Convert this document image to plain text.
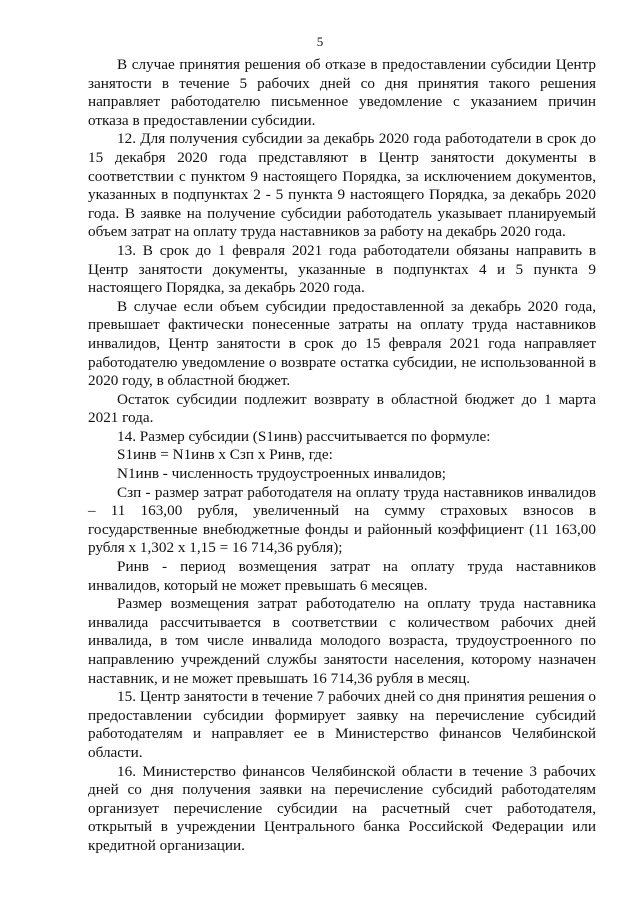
5

В случае принятия решения об отказе в предоставлении субсидии Центр занятости в течение 5 рабочих дней со дня принятия такого решения направляет работодателю письменное уведомление с указанием причин отказа в предоставлении субсидии.

12. Для получения субсидии за декабрь 2020 года работодатели в срок до 15 декабря 2020 года представляют в Центр занятости документы в соответствии с пунктом 9 настоящего Порядка, за исключением документов, указанных в подпунктах 2 - 5 пункта 9 настоящего Порядка, за декабрь 2020 года. В заявке на получение субсидии работодатель указывает планируемый объем затрат на оплату труда наставников за работу на декабрь 2020 года.

13. В срок до 1 февраля 2021 года работодатели обязаны направить в Центр занятости документы, указанные в подпунктах 4 и 5 пункта 9 настоящего Порядка, за декабрь 2020 года.

В случае если объем субсидии предоставленной за декабрь 2020 года, превышает фактически понесенные затраты на оплату труда наставников инвалидов, Центр занятости в срок до 15 февраля 2021 года направляет работодателю уведомление о возврате остатка субсидии, не использованной в 2020 году, в областной бюджет.

Остаток субсидии подлежит возврату в областной бюджет до 1 марта 2021 года.

14. Размер субсидии (S1инв) рассчитывается по формуле:

S1инв = N1инв х Сзп х Ринв, где:

N1инв - численность трудоустроенных инвалидов;

Сзп - размер затрат работодателя на оплату труда наставников инвалидов – 11 163,00 рубля, увеличенный на сумму страховых взносов в государственные внебюджетные фонды и районный коэффициент (11 163,00 рубля х 1,302 х 1,15 = 16 714,36 рубля);

Ринв - период возмещения затрат на оплату труда наставников инвалидов, который не может превышать 6 месяцев.

Размер возмещения затрат работодателю на оплату труда наставника инвалида рассчитывается в соответствии с количеством рабочих дней инвалида, в том числе инвалида молодого возраста, трудоустроенного по направлению учреждений службы занятости населения, которому назначен наставник, и не может превышать 16 714,36 рубля в месяц.

15. Центр занятости в течение 7 рабочих дней со дня принятия решения о предоставлении субсидии формирует заявку на перечисление субсидий работодателям и направляет ее в Министерство финансов Челябинской области.

16. Министерство финансов Челябинской области в течение 3 рабочих дней со дня получения заявки на перечисление субсидий работодателям организует перечисление субсидии на расчетный счет работодателя, открытый в учреждении Центрального банка Российской Федерации или кредитной организации.
